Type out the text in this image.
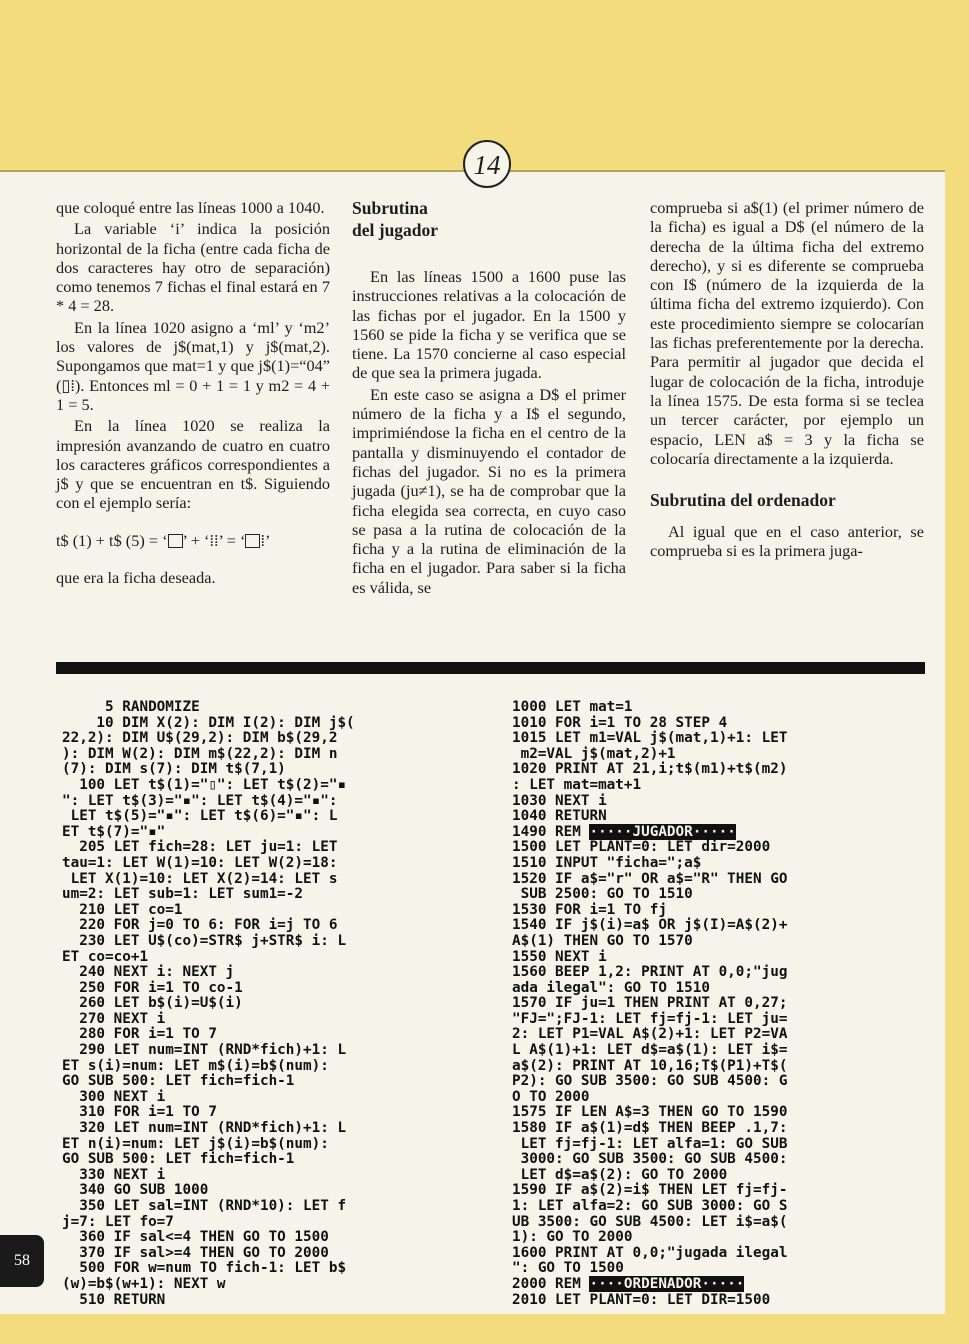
14

que coloqué entre las líneas 1000 a 1040.

La variable ‘i’ indica la posición horizontal de la ficha (entre cada ficha de dos caracteres hay otro de separación) como tenemos 7 fichas el final estará en 7 * 4 = 28.

En la línea 1020 asigno a ‘ml’ y ‘m2’ los valores de j$(mat,1) y j$(mat,2). Supongamos que mat=1 y que j$(1)=“04” (▯⁞). Entonces ml = 0 + 1 = 1 y m2 = 4 + 1 = 5.

En la línea 1020 se realiza la impresión avanzando de cuatro en cuatro los caracteres gráficos correspondientes a j$ y que se encuentran en t$. Siguiendo con el ejemplo sería:

t$ (1) + t$ (5) = ‘ ’ + ‘⁞⁞’ = ‘ ⁞’

que era la ficha deseada.

Subrutina

del jugador

En las líneas 1500 a 1600 puse las instrucciones relativas a la colocación de las fichas por el jugador. En la 1500 y 1560 se pide la ficha y se verifica que se tiene. La 1570 concierne al caso especial de que sea la primera jugada.

En este caso se asigna a D$ el primer número de la ficha y a I$ el segundo, imprimiéndose la ficha en el centro de la pantalla y disminuyendo el contador de fichas del jugador. Si no es la primera jugada (ju≠1), se ha de comprobar que la ficha elegida sea correcta, en cuyo caso se pasa a la rutina de colocación de la ficha y a la rutina de eliminación de la ficha en el jugador. Para saber si la ficha es válida, se

comprueba si a$(1) (el primer número de la ficha) es igual a D$ (el número de la derecha de la última ficha del extremo derecho), y si es diferente se comprueba con I$ (número de la izquierda de la última ficha del extremo izquierdo). Con este procedimiento siempre se colocarían las fichas preferentemente por la derecha. Para permitir al jugador que decida el lugar de colocación de la ficha, introduje la línea 1575. De esta forma si se teclea un tercer carácter, por ejemplo un espacio, LEN a$ = 3 y la ficha se colocaría directamente a la izquierda.

Subrutina del ordenador

Al igual que en el caso anterior, se comprueba si es la primera juga-

5 RANDOMIZE
10 DIM X(2): DIM I(2): DIM j$(
22,2): DIM U$(29,2): DIM b$(29,2
): DIM W(2): DIM m$(22,2): DIM n
(7): DIM s(7): DIM t$(7,1)
100 LET t$(1)="▯": LET t$(2)="▪
": LET t$(3)="▪": LET t$(4)="▪":
LET t$(5)="▪": LET t$(6)="▪": L
ET t$(7)="▪"
205 LET fich=28: LET ju=1: LET
tau=1: LET W(1)=10: LET W(2)=18:
LET X(1)=10: LET X(2)=14: LET s
um=2: LET sub=1: LET sum1=-2
210 LET co=1
220 FOR j=0 TO 6: FOR i=j TO 6
230 LET U$(co)=STR$ j+STR$ i: L
ET co=co+1
240 NEXT i: NEXT j
250 FOR i=1 TO co-1
260 LET b$(i)=U$(i)
270 NEXT i
280 FOR i=1 TO 7
290 LET num=INT (RND*fich)+1: L
ET s(i)=num: LET m$(i)=b$(num):
GO SUB 500: LET fich=fich-1
300 NEXT i
310 FOR i=1 TO 7
320 LET num=INT (RND*fich)+1: L
ET n(i)=num: LET j$(i)=b$(num):
GO SUB 500: LET fich=fich-1
330 NEXT i
340 GO SUB 1000
350 LET sal=INT (RND*10): LET f
j=7: LET fo=7
360 IF sal<=4 THEN GO TO 1500
370 IF sal>=4 THEN GO TO 2000
500 FOR w=num TO fich-1: LET b$
(w)=b$(w+1): NEXT w
510 RETURN
1000 LET mat=1
1010 FOR i=1 TO 28 STEP 4
1015 LET m1=VAL j$(mat,1)+1: LET
m2=VAL j$(mat,2)+1
1020 PRINT AT 21,i;t$(m1)+t$(m2)
: LET mat=mat+1
1030 NEXT i
1040 RETURN
1490 REM ·····JUGADOR·····
1500 LET PLANT=0: LET dir=2000
1510 INPUT "ficha=";a$
1520 IF a$="r" OR a$="R" THEN GO
SUB 2500: GO TO 1510
1530 FOR i=1 TO fj
1540 IF j$(i)=a$ OR j$(I)=A$(2)+
A$(1) THEN GO TO 1570
1550 NEXT i
1560 BEEP 1,2: PRINT AT 0,0;"jug
ada ilegal": GO TO 1510
1570 IF ju=1 THEN PRINT AT 0,27;
"FJ=";FJ-1: LET fj=fj-1: LET ju=
2: LET P1=VAL A$(2)+1: LET P2=VA
L A$(1)+1: LET d$=a$(1): LET i$=
a$(2): PRINT AT 10,16;T$(P1)+T$(
P2): GO SUB 3500: GO SUB 4500: G
O TO 2000
1575 IF LEN A$=3 THEN GO TO 1590
1580 IF a$(1)=d$ THEN BEEP .1,7:
LET fj=fj-1: LET alfa=1: GO SUB
3000: GO SUB 3500: GO SUB 4500:
LET d$=a$(2): GO TO 2000
1590 IF a$(2)=i$ THEN LET fj=fj-
1: LET alfa=2: GO SUB 3000: GO S
UB 3500: GO SUB 4500: LET i$=a$(
1): GO TO 2000
1600 PRINT AT 0,0;"jugada ilegal
": GO TO 1500
2000 REM ····ORDENADOR·····
2010 LET PLANT=0: LET DIR=1500
58
